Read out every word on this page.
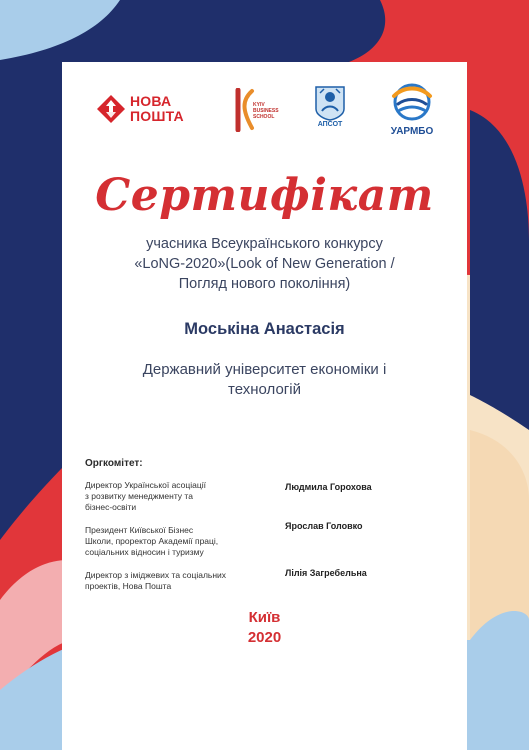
НОВА
ПОШТА
KYIV
BUSINESS
SCHOOL
АПСОТ
УАРМБО
Сертифікат
учасника Всеукраїнського конкурсу
«LoNG-2020»(Look of New Generation /
Погляд нового покоління)
Моськіна Анастасія
Державний університет економіки і
технологій
Оргкомітет:
Директор Української асоціації
з розвитку менеджменту та
бізнес-освіти
Людмила Горохова
Президент Київської Бізнес
Школи, проректор Академії праці,
соціальних відносин і туризму
Ярослав Головко
Директор з іміджевих та соціальних
проектів, Нова Пошта
Лілія Загребельна
Київ
2020
